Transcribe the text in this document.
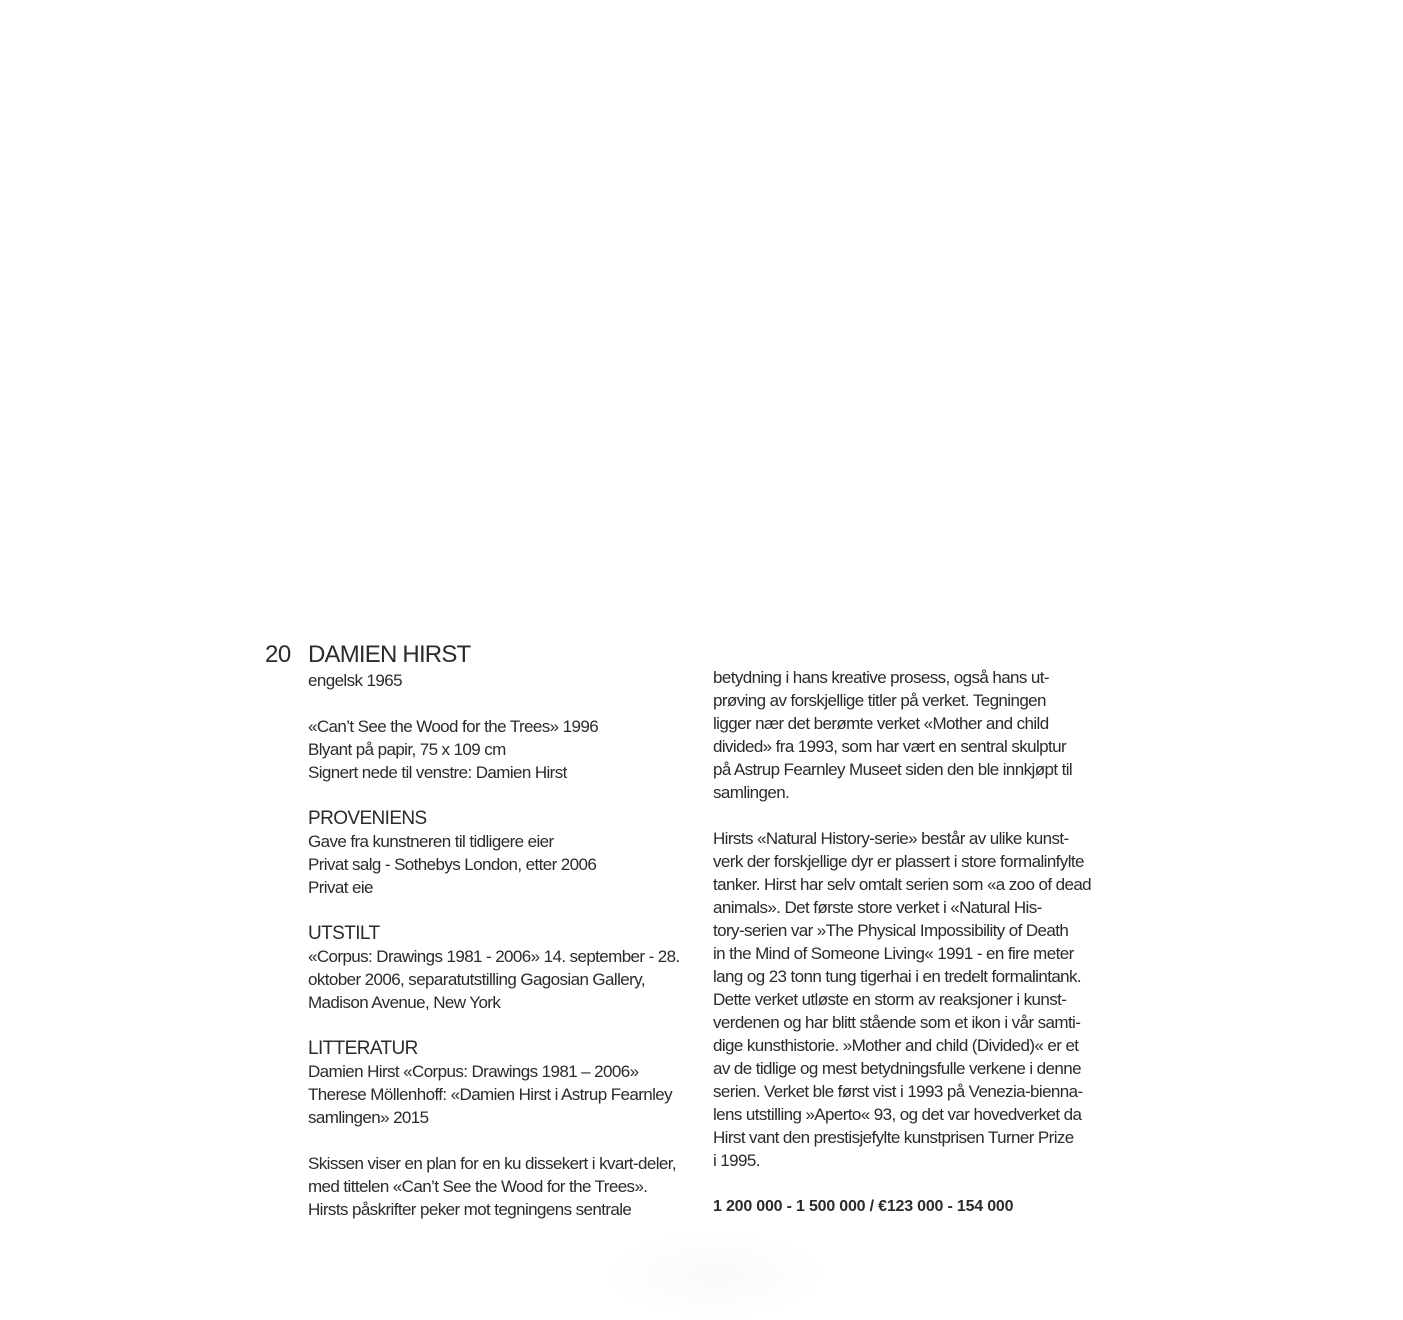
20 DAMIEN HIRST
engelsk 1965
«Can’t See the Wood for the Trees» 1996
Blyant på papir, 75 x 109 cm
Signert nede til venstre: Damien Hirst
PROVENIENS
Gave fra kunstneren til tidligere eier
Privat salg - Sothebys London, etter 2006
Privat eie
UTSTILT
«Corpus: Drawings 1981 - 2006» 14. september - 28.
oktober 2006, separatutstilling Gagosian Gallery,
Madison Avenue, New York
LITTERATUR
Damien Hirst «Corpus: Drawings 1981 – 2006»
Therese Möllenhoff: «Damien Hirst i Astrup Fearnley
samlingen» 2015
Skissen viser en plan for en ku dissekert i kvart-deler,
med tittelen «Can’t See the Wood for the Trees».
Hirsts påskrifter peker mot tegningens sentrale
betydning i hans kreative prosess, også hans ut-
prøving av forskjellige titler på verket. Tegningen
ligger nær det berømte verket «Mother and child
divided» fra 1993, som har vært en sentral skulptur
på Astrup Fearnley Museet siden den ble innkjøpt til
samlingen.
Hirsts «Natural History-serie» består av ulike kunst-
verk der forskjellige dyr er plassert i store formalinfylte
tanker. Hirst har selv omtalt serien som «a zoo of dead
animals». Det første store verket i «Natural His-
tory-serien var »The Physical Impossibility of Death
in the Mind of Someone Living« 1991 - en fire meter
lang og 23 tonn tung tigerhai i en tredelt formalintank.
Dette verket utløste en storm av reaksjoner i kunst-
verdenen og har blitt stående som et ikon i vår samti-
dige kunsthistorie. »Mother and child (Divided)« er et
av de tidlige og mest betydningsfulle verkene i denne
serien. Verket ble først vist i 1993 på Venezia-bienna-
lens utstilling »Aperto« 93, og det var hovedverket da
Hirst vant den prestisjefylte kunstprisen Turner Prize
i 1995.
1 200 000 - 1 500 000 / €123 000 - 154 000
